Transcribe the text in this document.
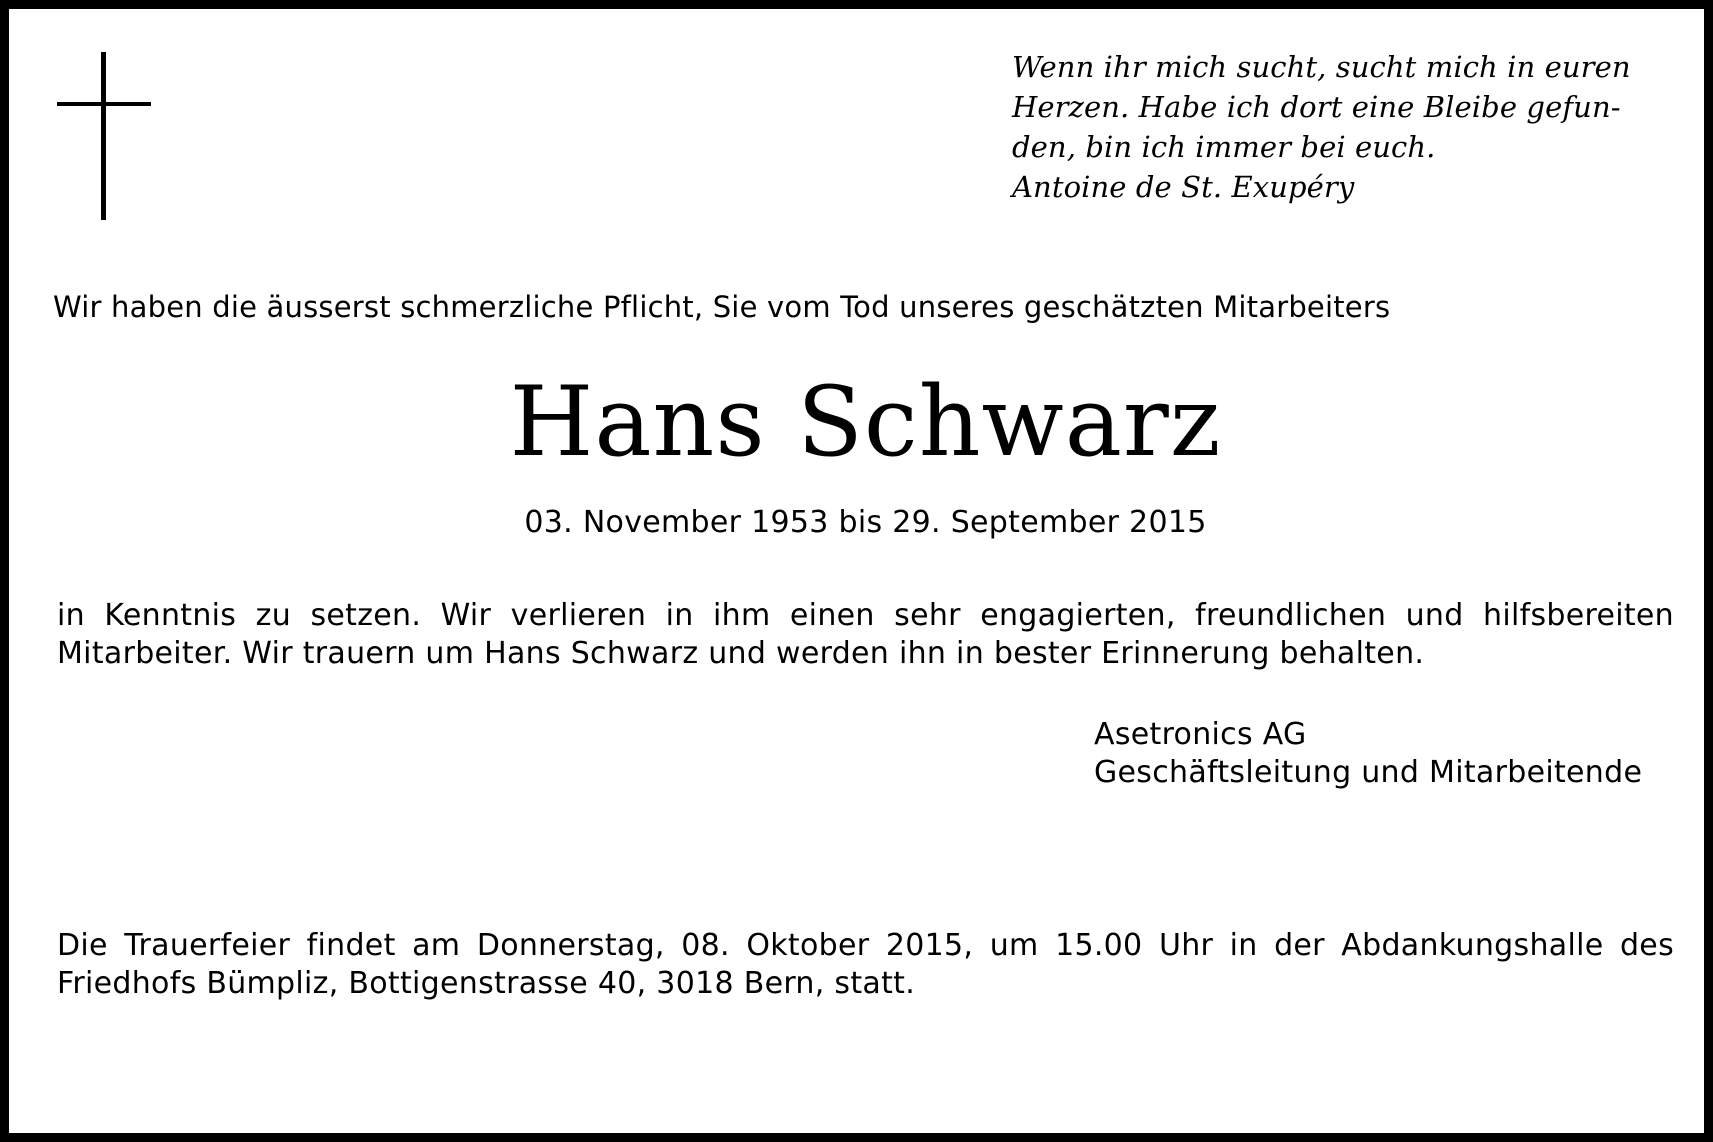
Wenn ihr mich sucht, sucht mich in euren
Herzen. Habe ich dort eine Bleibe gefun-
den, bin ich immer bei euch.
Antoine de St. Exupéry
Wir haben die äusserst schmerzliche Pflicht, Sie vom Tod unseres geschätzten Mitarbeiters
Hans Schwarz
03. November 1953 bis 29. September 2015
in Kenntnis zu setzen. Wir verlieren in ihm einen sehr engagierten, freundlichen und hilfsbereiten
Mitarbeiter. Wir trauern um Hans Schwarz und werden ihn in bester Erinnerung behalten.
Asetronics AG
Geschäftsleitung und Mitarbeitende
Die Trauerfeier findet am Donnerstag, 08. Oktober 2015, um 15.00 Uhr in der Abdankungshalle des
Friedhofs Bümpliz, Bottigenstrasse 40, 3018 Bern, statt.
